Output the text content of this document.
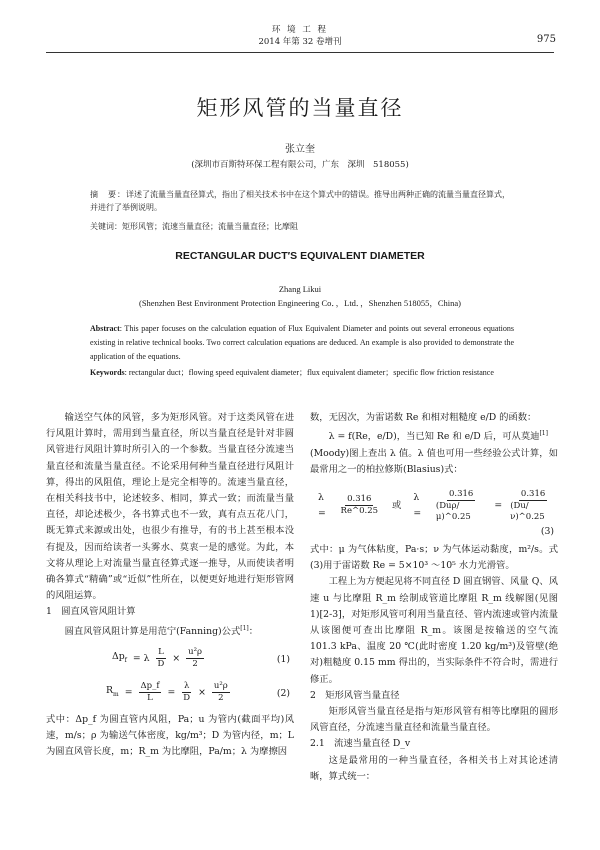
环 境 工 程
2014 年第 32 卷增刊	975
矩形风管的当量直径
张立奎
(深圳市百斯特环保工程有限公司，广东　深圳　518055)
摘　要：详述了流量当量直径算式，指出了相关技术书中在这个算式中的错误。推导出两种正确的流量当量直径算式，并进行了举例说明。
关键词：矩形风管；流速当量直径；流量当量直径；比摩阻
RECTANGULAR DUCT′S EQUIVALENT DIAMETER
Zhang Likui
(Shenzhen Best Environment Protection Engineering Co．，Ltd．，Shenzhen 518055，China)
Abstract: This paper focuses on the calculation equation of Flux Equivalent Diameter and points out several erroneous equations existing in relative technical books. Two correct calculation equations are deduced. An example is also provided to demonstrate the application of the equations.
Keywords: rectangular duct；flowing speed equivalent diameter；flux equivalent diameter；specific flow friction resistance

输送空气体的风管，多为矩形风管。对于这类风管在进行风阻计算时，需用到当量直径，所以当量直径是针对非圆风管进行风阻计算时所引入的一个参数。当量直径分流速当量直径和流量当量直径。不论采用何种当量直径进行风阻计算，得出的风阻值，理论上是完全相等的。流速当量直径，在相关科技书中，论述较多、相同，算式一致；而流量当量直径，却论述极少，各书算式也不一致，真有点五花八门，既无算式来源或出处，也很少有推导，有的书上甚至根本没有提及，因而给读者一头雾水、莫衷一是的感觉。为此，本文将从理论上对流量当量直径算式逐一推导，从而使读者明确各算式“精确”或“近似”性所在，以便更好地进行矩形管网的风阻运算。

1　圆直风管风阻计算

圆直风管风阻计算是用范宁(Fanning)公式[1]：

$\Delta p_f = \lambda \frac{L}{D} \times \frac{\text{u²ρ}}{2}$	(1)
$R_m = \frac{\Delta p\_f}{L} = \frac{\lambda}{D} \times \frac{\text{u²ρ}}{2}$	(2)

式中：Δp_f 为圆直管内风阻，Pa；u 为管内(截面平均)风速，m/s；ρ 为输送气体密度，kg/m³；D 为管内径，m；L 为圆直风管长度，m；R_m 为比摩阻，Pa/m；λ 为摩擦因

数，无因次，为雷诺数 Re 和相对粗糙度 e/D 的函数：

λ = f(Re，e/D)，当已知 Re 和 e/D 后，可从莫迪[1]

(Moody)图上查出 λ 值。λ 值也可用一些经验公式计算，如最常用之一的柏拉修斯(Blasius)式：

λ =	$\frac{0.316}{Re\^{}0.25}$ 或
λ =	$\frac{0.316}{\text{(Duρ/μ)\textasciicircum{}0.25}} = \frac{0.316}{(Du/\nu)\^{}0.25}$
(3)

式中：μ 为气体粘度，Pa·s；ν 为气体运动黏度，m²/s。式(3)用于雷诺数 Re = 5×10³ ～10⁵ 水力光滑管。

工程上为方便起见将不同直径 D 圆直钢管、风量 Q、风速 u 与比摩阻 R_m 绘制成管道比摩阻 R_m 线解图(见图 1)[2-3]，对矩形风管可利用当量直径、管内流速或管内流量从该图便可查出比摩阻 R_m。该图是按输送的空气流 101.3 kPa、温度 20 ℃(此时密度 1.20 kg/m³)及管壁(绝对)粗糙度 0.15 mm 得出的，当实际条件不符合时，需进行修正。

2　矩形风管当量直径

矩形风管当量直径是指与矩形风管有相等比摩阻的圆形风管直径，分流速当量直径和流量当量直径。

2.1　流速当量直径 D_v

这是最常用的一种当量直径，各相关书上对其论述清晰，算式统一：
